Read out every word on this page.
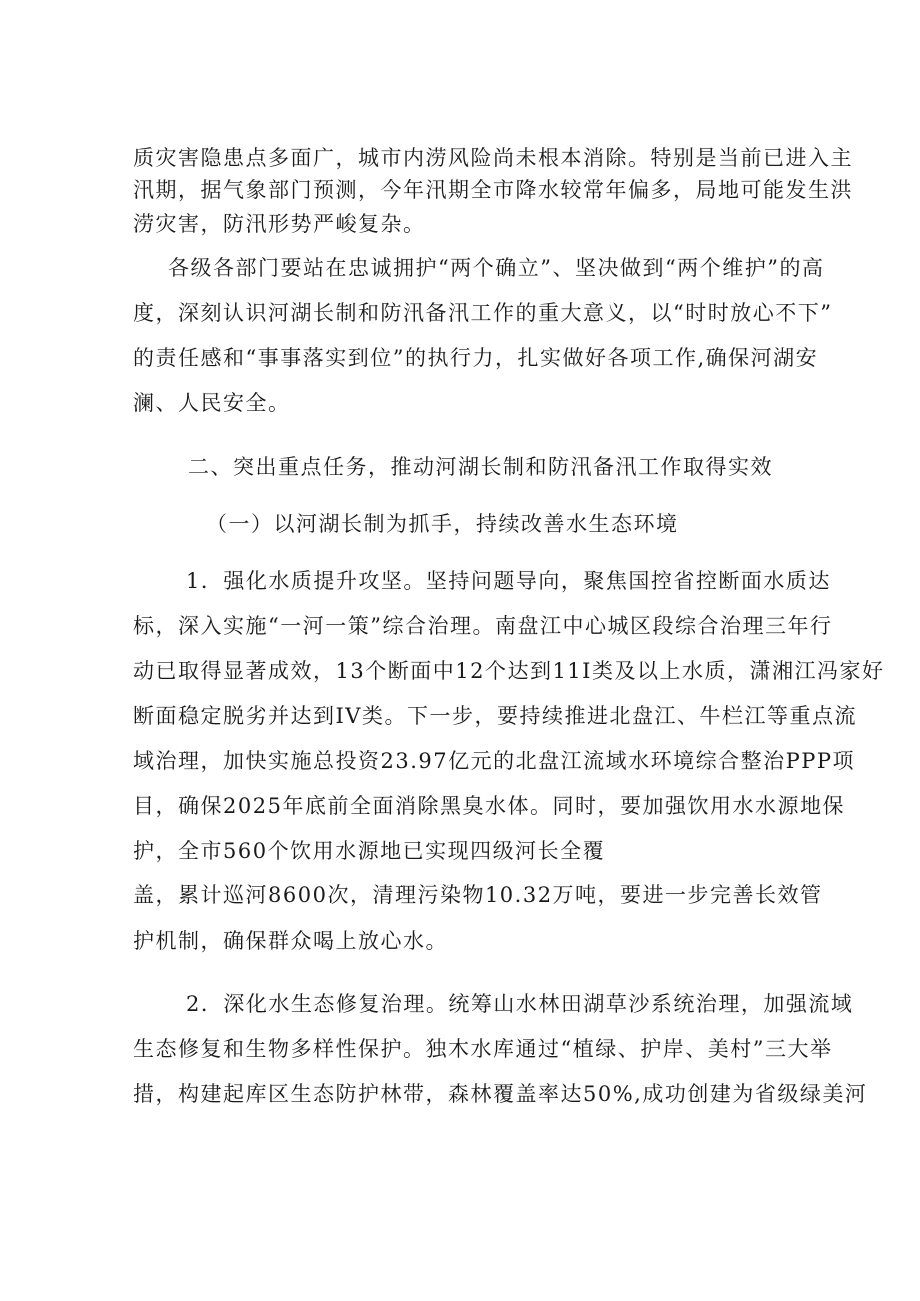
质灾害隐患点多面广，城市内涝风险尚未根本消除。特别是当前已进入主
汛期，据气象部门预测，今年汛期全市降水较常年偏多，局地可能发生洪
涝灾害，防汛形势严峻复杂。
各级各部门要站在忠诚拥护“两个确立”、坚决做到“两个维护”的高
度，深刻认识河湖长制和防汛备汛工作的重大意义，以“时时放心不下”
的责任感和“事事落实到位”的执行力，扎实做好各项工作,确保河湖安
澜、人民安全。
二、突出重点任务，推动河湖长制和防汛备汛工作取得实效
（一）以河湖长制为抓手，持续改善水生态环境
1．强化水质提升攻坚。坚持问题导向，聚焦国控省控断面水质达
标，深入实施“一河一策”综合治理。南盘江中心城区段综合治理三年行
动已取得显著成效，13个断面中12个达到11I类及以上水质，潇湘江冯家好
断面稳定脱劣并达到IV类。下一步，要持续推进北盘江、牛栏江等重点流
域治理，加快实施总投资23.97亿元的北盘江流域水环境综合整治PPP项
目，确保2025年底前全面消除黑臭水体。同时，要加强饮用水水源地保
护，全市560个饮用水源地已实现四级河长全覆
盖，累计巡河8600次，清理污染物10.32万吨，要进一步完善长效管
护机制，确保群众喝上放心水。
2．深化水生态修复治理。统筹山水林田湖草沙系统治理，加强流域
生态修复和生物多样性保护。独木水库通过“植绿、护岸、美村”三大举
措，构建起库区生态防护林带，森林覆盖率达50%,成功创建为省级绿美河
